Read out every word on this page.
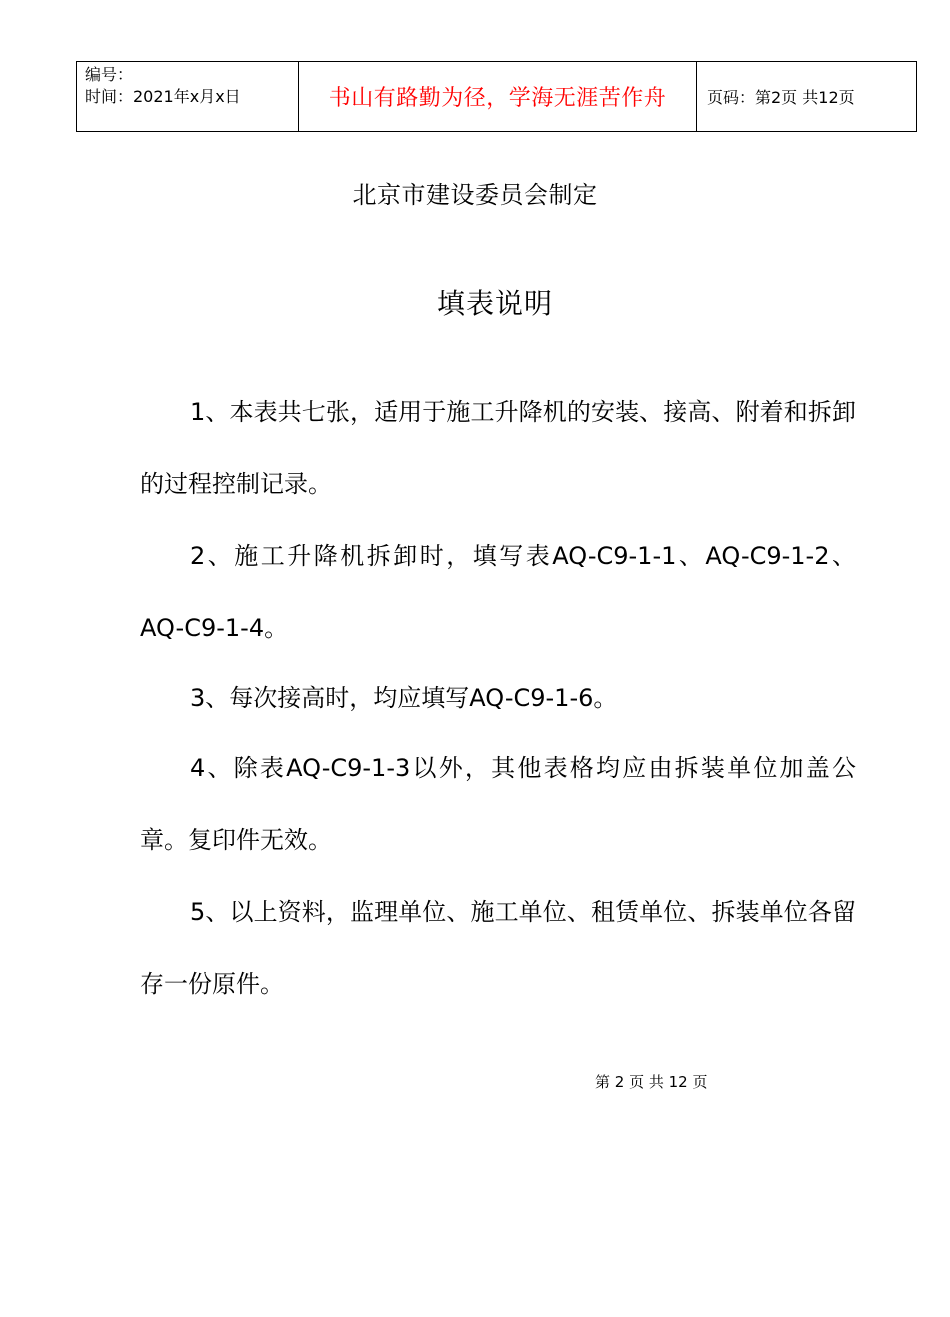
编号：
时间：2021年x月x日	书山有路勤为径，学海无涯苦作舟	页码：第2页 共12页
北京市建设委员会制定
填表说明

1、本表共七张，适用于施工升降机的安装、接高、附着和拆卸的过程控制记录。

2、施工升降机拆卸时，填写表AQ-C9-1-1、AQ-C9-1-2、AQ-C9-1-4。

3、每次接高时，均应填写AQ-C9-1-6。

4、除表AQ-C9-1-3以外，其他表格均应由拆装单位加盖公章。复印件无效。

5、以上资料，监理单位、施工单位、租赁单位、拆装单位各留存一份原件。

第 2 页 共 12 页
